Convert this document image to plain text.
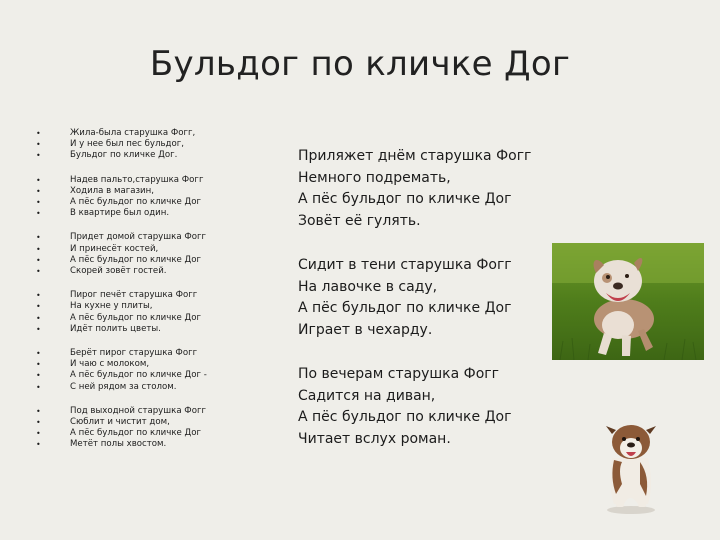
Бульдог по кличке Дог
•	Жила-была старушка Фогг,
•	И у нее был пес бульдог,
•	Бульдог по кличке Дог.
•	Надев пальто,старушка Фогг
•	Ходила в магазин,
•	А пёс бульдог по кличке Дог
•	В квартире был один.
•	Придет домой старушка Фогг
•	И принесёт костей,
•	А пёс бульдог по кличке Дог
•	Скорей зовёт гостей.
•	Пирог печёт старушка Фогг
•	На кухне у плиты,
•	А пёс бульдог по кличке Дог
•	Идёт полить цветы.
•	Берёт пирог старушка Фогг
•	И чаю с молоком,
•	А пёс бульдог по кличке Дог -
•	С ней рядом за столом.
•	Под выходной старушка Фогг
•	Сюблит и чистит дом,
•	А пёс бульдог по кличке Дог
•	Метёт полы хвостом.
Приляжет днём старушка Фогг
Немного подремать,
А пёс бульдог по кличке Дог
Зовёт её гулять.
Сидит в тени старушка Фогг
На лавочке в саду,
А пёс бульдог по кличке Дог
Играет в чехарду.
По вечерам старушка Фогг
Садится на диван,
А пёс бульдог по кличке Дог
Читает вслух роман.
